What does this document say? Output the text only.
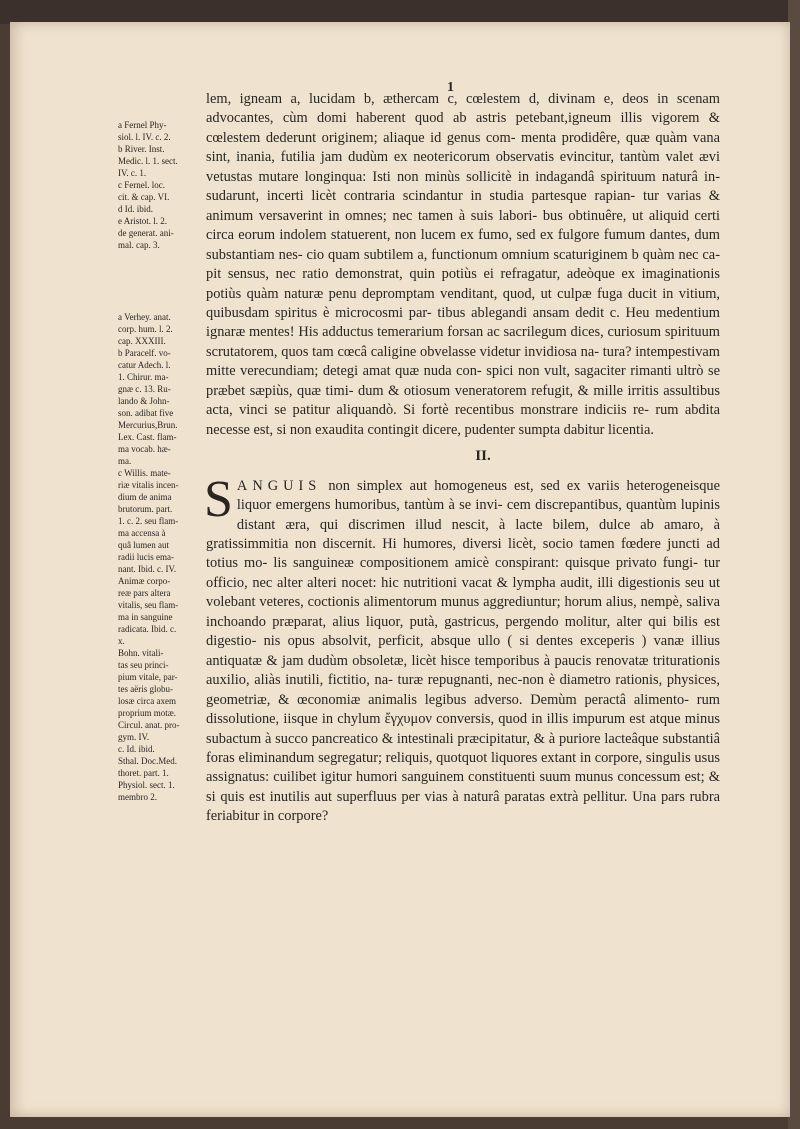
1

a Fernel Phy-

siol. l. IV. c. 2.

b River. Inst.

Medic. l. 1. sect.

IV. c. 1.

c Fernel. loc.

cit. & cap. VI.

d Id. ibid.

e Aristot. l. 2.

de generat. ani-

mal. cap. 3.

a Verhey. anat.

corp. hum. l. 2.

cap. XXXIII.

b Paracelf. vo-

catur Adech. l.

1. Chirur. ma-

gnæ c. 13. Ru-

lando & John-

son. adibat five

Mercurius,Brun.

Lex. Cast. flam-

ma vocab. hæ-

ma.

c Willis. mate-

riæ vitalis incen-

dium de anima

brutorum. part.

1. c. 2. seu flam-

ma accensa à

quâ lumen aut

radii lucis ema-

nant. Ibid. c. IV.

Animæ corpo-

reæ pars altera

vitalis, seu flam-

ma in sanguine

radicata. Ibid. c.

x.

Bohn. vitali-

tas seu princi-

pium vitale, par-

tes aëris globu-

losæ circa axem

proprium motæ.

Circul. anat. pro-

gym. IV.

c. Id. ibid.

Sthal. Doc.Med.

thoret. part. 1.

Physiol. sect. 1.

membro 2.

lem, igneam a, lucidam b, æthercam c, cœlestem d, divinam e, deos in scenam advocantes, cùm domi haberent quod ab astris petebant,igneum illis vigorem & cœlestem dederunt originem; aliaque id genus com- menta prodidêre, quæ quàm vana sint, inania, futilia jam dudùm ex neotericorum observatis evincitur, tantùm valet ævi vetustas mutare longinqua: Isti non minùs sollicitè in indagandâ spirituum naturâ in- sudarunt, incerti licèt contraria scindantur in studia partesque rapian- tur varias & animum versaverint in omnes; nec tamen à suis labori- bus obtinuêre, ut aliquid certi circa eorum indolem statuerent, non lucem ex fumo, sed ex fulgore fumum dantes, dum substantiam nes- cio quam subtilem a, functionum omnium scaturiginem b quàm nec ca- pit sensus, nec ratio demonstrat, quin potiùs ei refragatur, adeòque ex imaginationis potiùs quàm naturæ penu depromptam venditant, quod, ut culpæ fuga ducit in vitium, quibusdam spiritus è microcosmi par- tibus ablegandi ansam dedit c. Heu medentium ignaræ mentes! His adductus temerarium forsan ac sacrilegum dices, curiosum spirituum scrutatorem, quos tam cœcâ caligine obvelasse videtur invidiosa na- tura? intempestivam mitte verecundiam; detegi amat quæ nuda con- spici non vult, sagaciter rimanti ultrò se præbet sæpiùs, quæ timi- dum & otiosum veneratorem refugit, & mille irritis assultibus acta, vinci se patitur aliquandò. Si fortè recentibus monstrare indiciis re- rum abdita necesse est, si non exaudita contingit dicere, pudenter sumpta dabitur licentia.
II.
S ANGUIS non simplex aut homogeneus est, sed ex variis heterogeneisque liquor emergens humoribus, tantùm à se invi- cem discrepantibus, quantùm lupinis distant æra, qui discrimen illud nescit, à lacte bilem, dulce ab amaro, à gratissimmitia non discernit. Hi humores, diversi licèt, socio tamen fœdere juncti ad totius mo- lis sanguineæ compositionem amicè conspirant: quisque privato fungi- tur officio, nec alter alteri nocet: hic nutritioni vacat & lympha audit, illi digestionis seu ut volebant veteres, coctionis alimentorum munus aggrediuntur; horum alius, nempè, saliva inchoando præparat, alius liquor, putà, gastricus, pergendo molitur, alter qui bilis est digestio- nis opus absolvit, perficit, absque ullo ( si dentes exceperis ) vanæ illius antiquatæ & jam dudùm obsoletæ, licèt hisce temporibus à paucis renovatæ triturationis auxilio, aliàs inutili, fictitio, na- turæ repugnanti, nec-non è diametro rationis, physices, geometriæ, & œconomiæ animalis legibus adverso. Demùm peractâ alimento- rum dissolutione, iisque in chylum ἔγχυμον conversis, quod in illis impurum est atque minus subactum à succo pancreatico & intestinali præcipitatur, & à puriore lacteâque substantiâ foras eliminandum segregatur; reliquis, quotquot liquores extant in corpore, singulis usus assignatus: cuilibet igitur humori sanguinem constituenti suum munus concessum est; & si quis est inutilis aut superfluus per vias à naturâ paratas extrà pellitur. Una pars rubra feriabitur in corpore?
